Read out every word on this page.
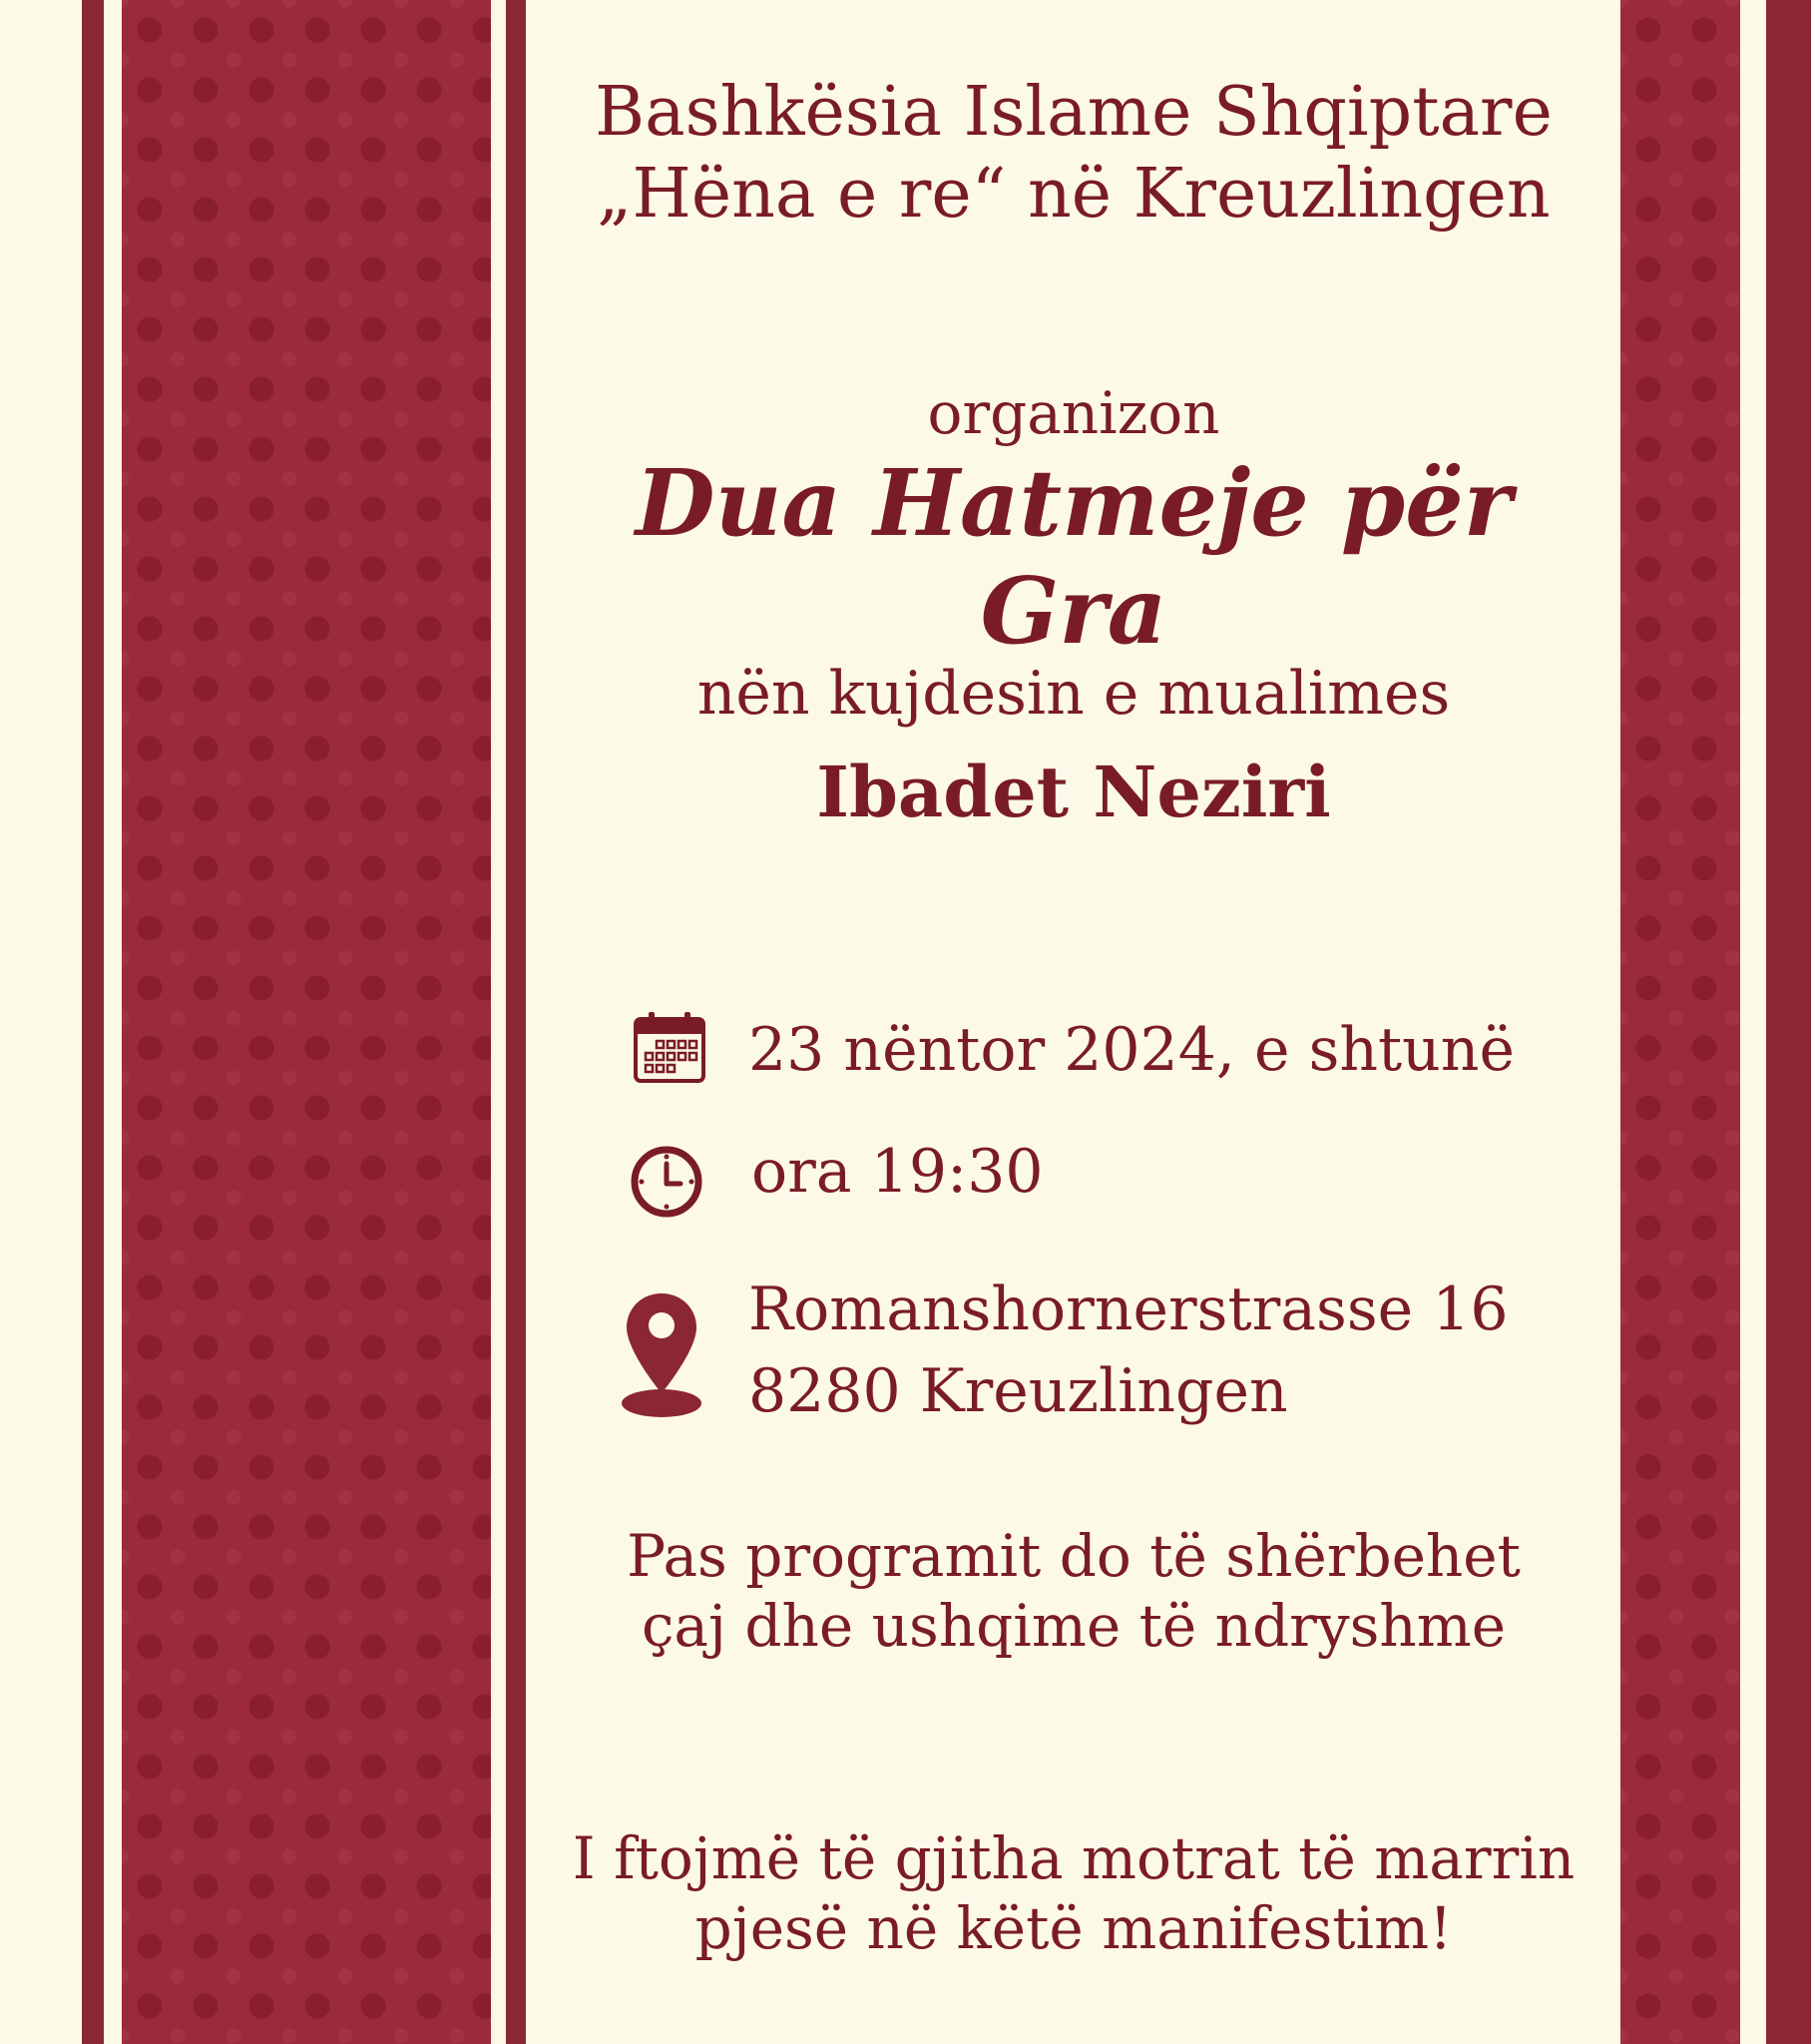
Bashkësia Islame Shqiptare
„Hëna e re“ në Kreuzlingen
organizon
Dua Hatmeje për Gra
nën kujdesin e mualimes
Ibadet Neziri
23 nëntor 2024, e shtunë
ora 19:30
Romanshornerstrasse 16
8280 Kreuzlingen
Pas programit do të shërbehet
çaj dhe ushqime të ndryshme
I ftojmë të gjitha motrat të marrin
pjesë në këtë manifestim!
